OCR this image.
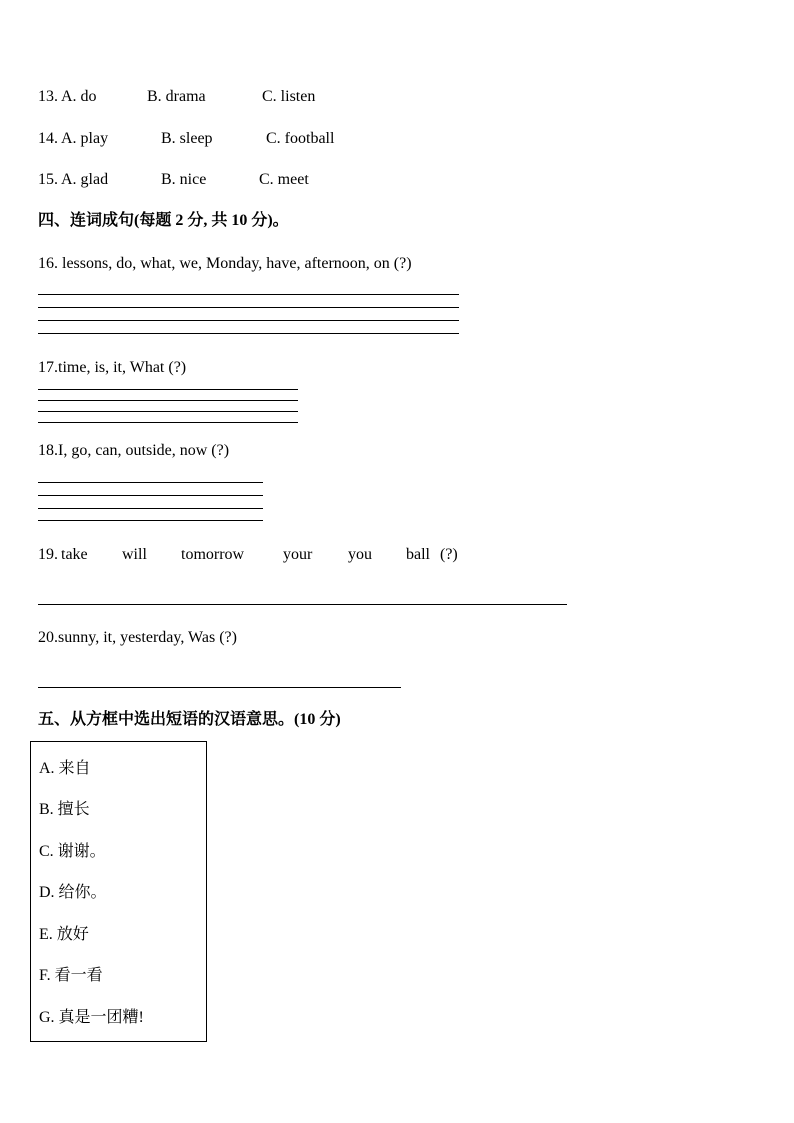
13. A. do	B. drama	C. listen
14. A. play	B. sleep	C. football
15. A. glad	B. nice	C. meet
四、连词成句(每题 2 分, 共 10 分)。
16. lessons, do, what, we, Monday, have, afternoon, on (?)
17.time, is, it, What (?)
18.I, go, can, outside, now (?)
19. take will tomorrow your you ball (?)
20.sunny, it, yesterday, Was (?)
五、从方框中选出短语的汉语意思。(10 分)
A. 来自
B. 擅长
C. 谢谢。
D. 给你。
E. 放好
F. 看一看
G. 真是一团糟!
